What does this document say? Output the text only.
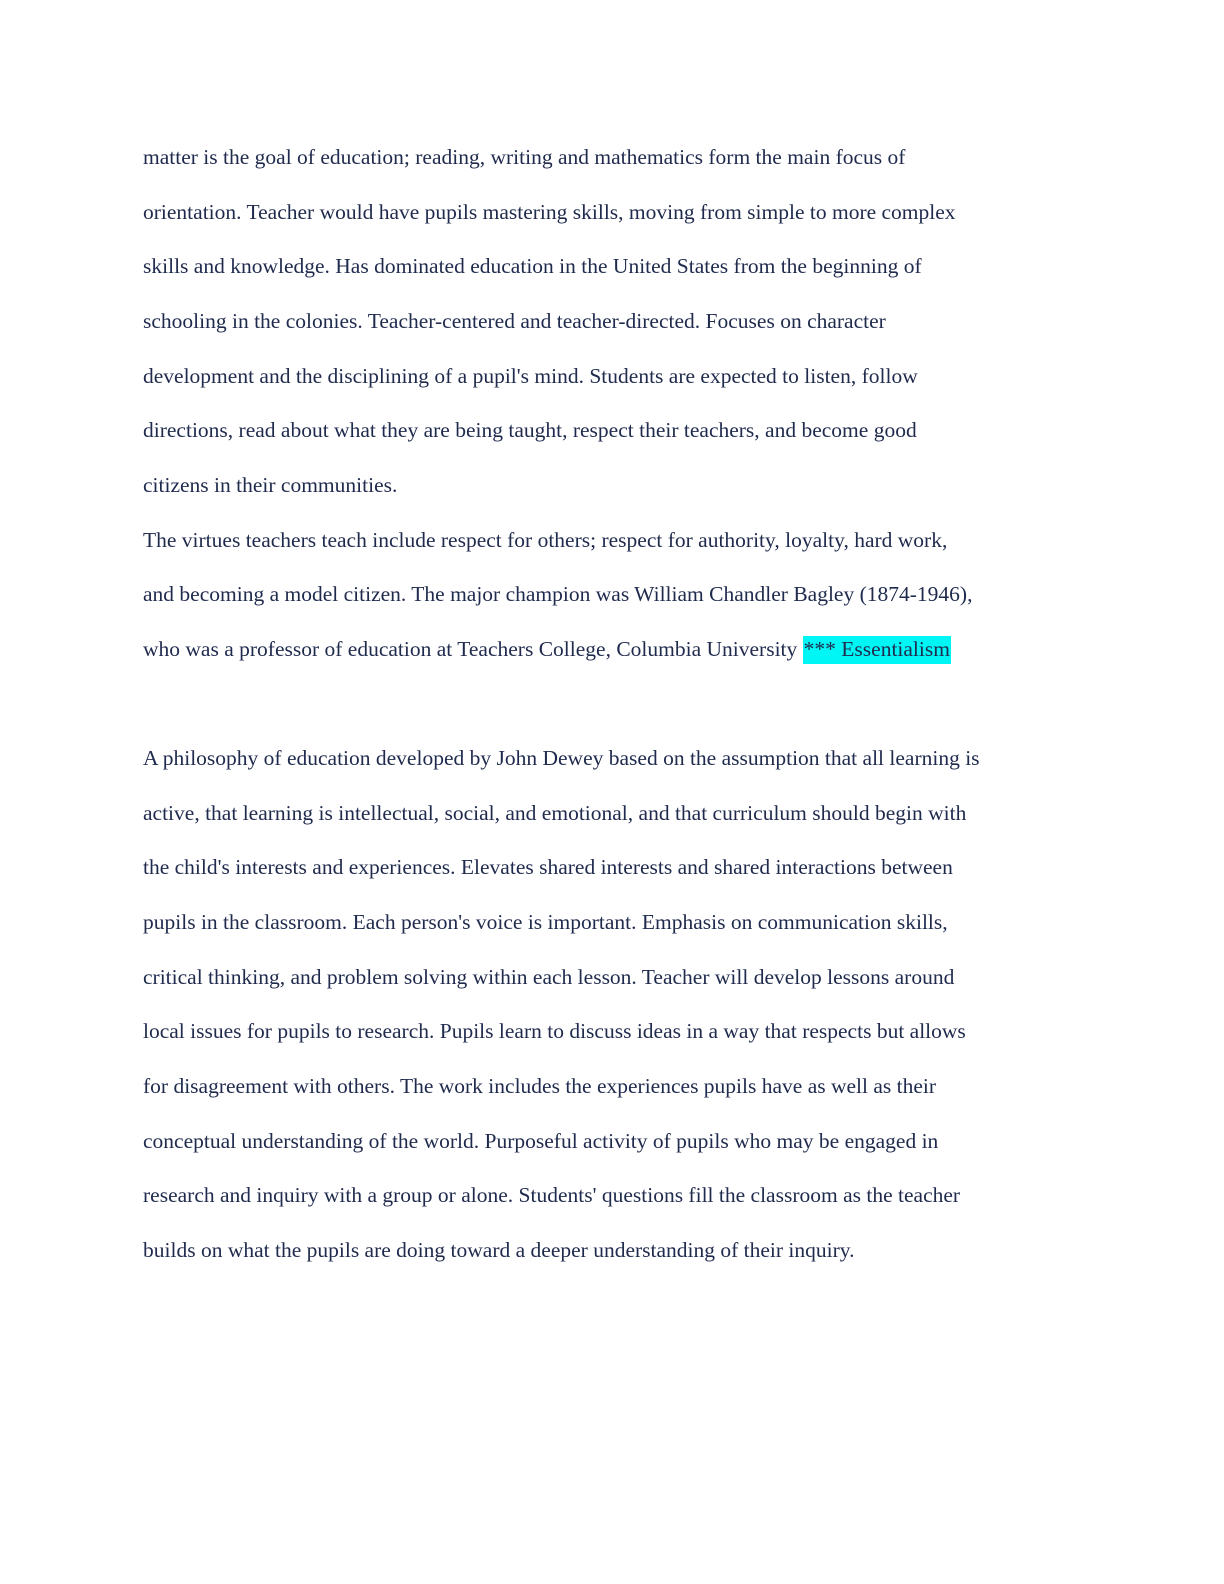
matter is the goal of education; reading, writing and mathematics form the main focus of
orientation. Teacher would have pupils mastering skills, moving from simple to more complex
skills and knowledge. Has dominated education in the United States from the beginning of
schooling in the colonies. Teacher-centered and teacher-directed. Focuses on character
development and the disciplining of a pupil's mind. Students are expected to listen, follow
directions, read about what they are being taught, respect their teachers, and become good
citizens in their communities.
The virtues teachers teach include respect for others; respect for authority, loyalty, hard work,
and becoming a model citizen. The major champion was William Chandler Bagley (1874-1946),
who was a professor of education at Teachers College, Columbia University *** Essentialism
A philosophy of education developed by John Dewey based on the assumption that all learning is
active, that learning is intellectual, social, and emotional, and that curriculum should begin with
the child's interests and experiences. Elevates shared interests and shared interactions between
pupils in the classroom. Each person's voice is important. Emphasis on communication skills,
critical thinking, and problem solving within each lesson. Teacher will develop lessons around
local issues for pupils to research. Pupils learn to discuss ideas in a way that respects but allows
for disagreement with others. The work includes the experiences pupils have as well as their
conceptual understanding of the world. Purposeful activity of pupils who may be engaged in
research and inquiry with a group or alone. Students' questions fill the classroom as the teacher
builds on what the pupils are doing toward a deeper understanding of their inquiry.
